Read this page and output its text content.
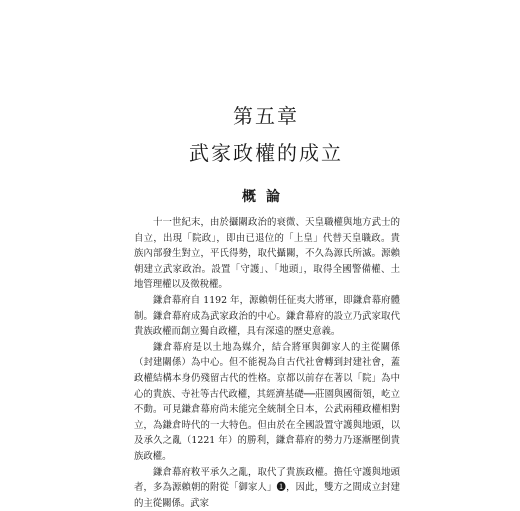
第五章
武家政權的成立
概論

十一世紀末，由於攝關政治的衰微、天皇職權與地方武士的自立，出現「院政」，即由已退位的「上皇」代替天皇職政。貴族內部發生對立，平氏得勢，取代攝關，不久為源氏所滅。源賴朝建立武家政治。設置「守護」、「地頭」，取得全國警備權、土地管理權以及徵稅權。

鎌倉幕府自 1192 年，源賴朝任征夷大將軍，即鎌倉幕府體制。鎌倉幕府成為武家政治的中心。鎌倉幕府的設立乃武家取代貴族政權而創立獨自政權，具有深遠的歷史意義。

鎌倉幕府是以土地為媒介，結合將軍與御家人的主從關係（封建關係）為中心。但不能視為自古代社會轉到封建社會，蓋政權結構本身仍殘留古代的性格。京都以前存在著以「院」為中心的貴族、寺社等古代政權，其經濟基礎──莊園與國衙領，屹立不動。可見鎌倉幕府尚未能完全統制全日本，公武兩種政權相對立，為鎌倉時代的一大特色。但由於在全國設置守護與地頭，以及承久之亂（1221 年）的勝利，鎌倉幕府的勢力乃逐漸壓倒貴族政權。

鎌倉幕府敉平承久之亂，取代了貴族政權。擔任守護與地頭者，多為源賴朝的附從「御家人」❶，因此，雙方之間成立封建的主從關係。武家
